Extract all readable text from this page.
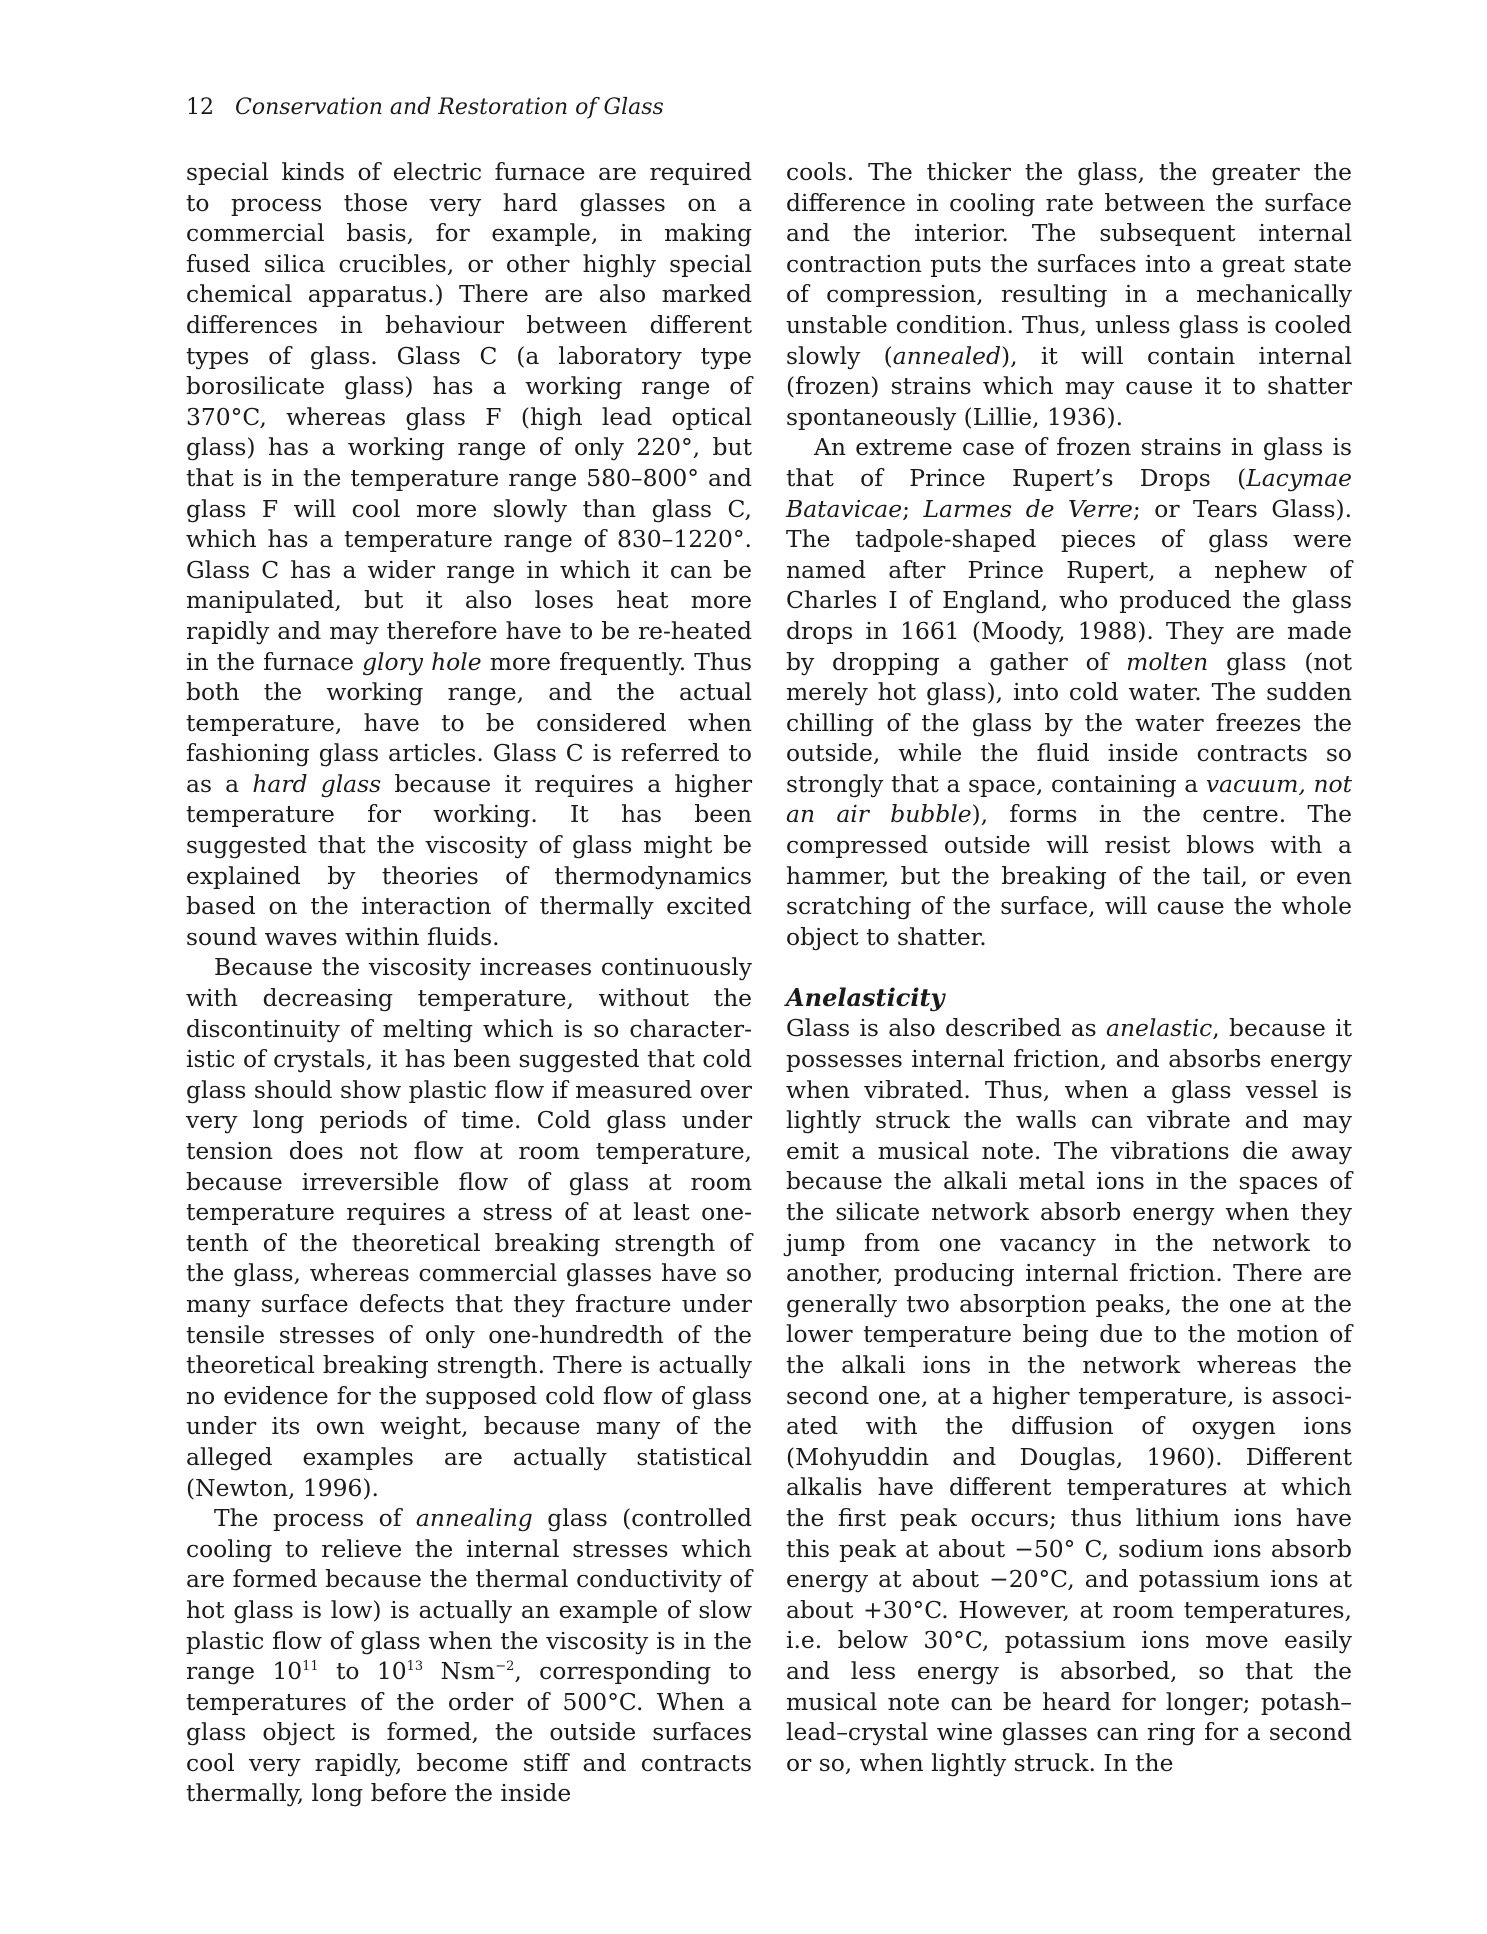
12 Conservation and Restoration of Glass

special kinds of electric furnace are required to process those very hard glasses on a commercial basis, for example, in making fused silica crucibles, or other highly special chemical apparatus.) There are also marked differences in behaviour between different types of glass. Glass C (a laboratory type borosilicate glass) has a working range of 370°C, whereas glass F (high lead optical glass) has a working range of only 220°, but that is in the temperature range 580–800° and glass F will cool more slowly than glass C, which has a temperature range of 830–1220°. Glass C has a wider range in which it can be manipulated, but it also loses heat more rapidly and may therefore have to be re-heated in the furnace glory hole more frequently. Thus both the working range, and the actual temperature, have to be considered when fashioning glass articles. Glass C is referred to as a hard glass because it requires a higher temperature for working. It has been suggested that the viscosity of glass might be explained by theories of thermodynamics based on the interaction of thermally excited sound waves within fluids.

Because the viscosity increases continuously with decreasing temperature, without the discontinuity of melting which is so characteristic of crystals, it has been suggested that cold glass should show plastic flow if measured over very long periods of time. Cold glass under tension does not flow at room temperature, because irreversible flow of glass at room temperature requires a stress of at least one-tenth of the theoretical breaking strength of the glass, whereas commercial glasses have so many surface defects that they fracture under tensile stresses of only one-hundredth of the theoretical breaking strength. There is actually no evidence for the supposed cold flow of glass under its own weight, because many of the alleged examples are actually statistical (Newton, 1996).

The process of annealing glass (controlled cooling to relieve the internal stresses which are formed because the thermal conductivity of hot glass is low) is actually an example of slow plastic flow of glass when the viscosity is in the range $10^{11}$ to $10^{13}$ Nsm$^{-2}$, corresponding to temperatures of the order of 500°C. When a glass object is formed, the outside surfaces cool very rapidly, become stiff and contracts thermally, long before the inside

cools. The thicker the glass, the greater the difference in cooling rate between the surface and the interior. The subsequent internal contraction puts the surfaces into a great state of compression, resulting in a mechanically unstable condition. Thus, unless glass is cooled slowly (annealed), it will contain internal (frozen) strains which may cause it to shatter spontaneously (Lillie, 1936).

An extreme case of frozen strains in glass is that of Prince Rupert’s Drops (Lacymae Batavicae; Larmes de Verre; or Tears Glass). The tadpole-shaped pieces of glass were named after Prince Rupert, a nephew of Charles I of England, who produced the glass drops in 1661 (Moody, 1988). They are made by dropping a gather of molten glass (not merely hot glass), into cold water. The sudden chilling of the glass by the water freezes the outside, while the fluid inside contracts so strongly that a space, containing a vacuum, not an air bubble), forms in the centre. The compressed outside will resist blows with a hammer, but the breaking of the tail, or even scratching of the surface, will cause the whole object to shatter.

Anelasticity

Glass is also described as anelastic, because it possesses internal friction, and absorbs energy when vibrated. Thus, when a glass vessel is lightly struck the walls can vibrate and may emit a musical note. The vibrations die away because the alkali metal ions in the spaces of the silicate network absorb energy when they jump from one vacancy in the network to another, producing internal friction. There are generally two absorption peaks, the one at the lower temperature being due to the motion of the alkali ions in the network whereas the second one, at a higher temperature, is associated with the diffusion of oxygen ions (Mohyuddin and Douglas, 1960). Different alkalis have different temperatures at which the first peak occurs; thus lithium ions have this peak at about −50° C, sodium ions absorb energy at about −20°C, and potassium ions at about +30°C. However, at room temperatures, i.e. below 30°C, potassium ions move easily and less energy is absorbed, so that the musical note can be heard for longer; potash–lead–crystal wine glasses can ring for a second or so, when lightly struck. In the
